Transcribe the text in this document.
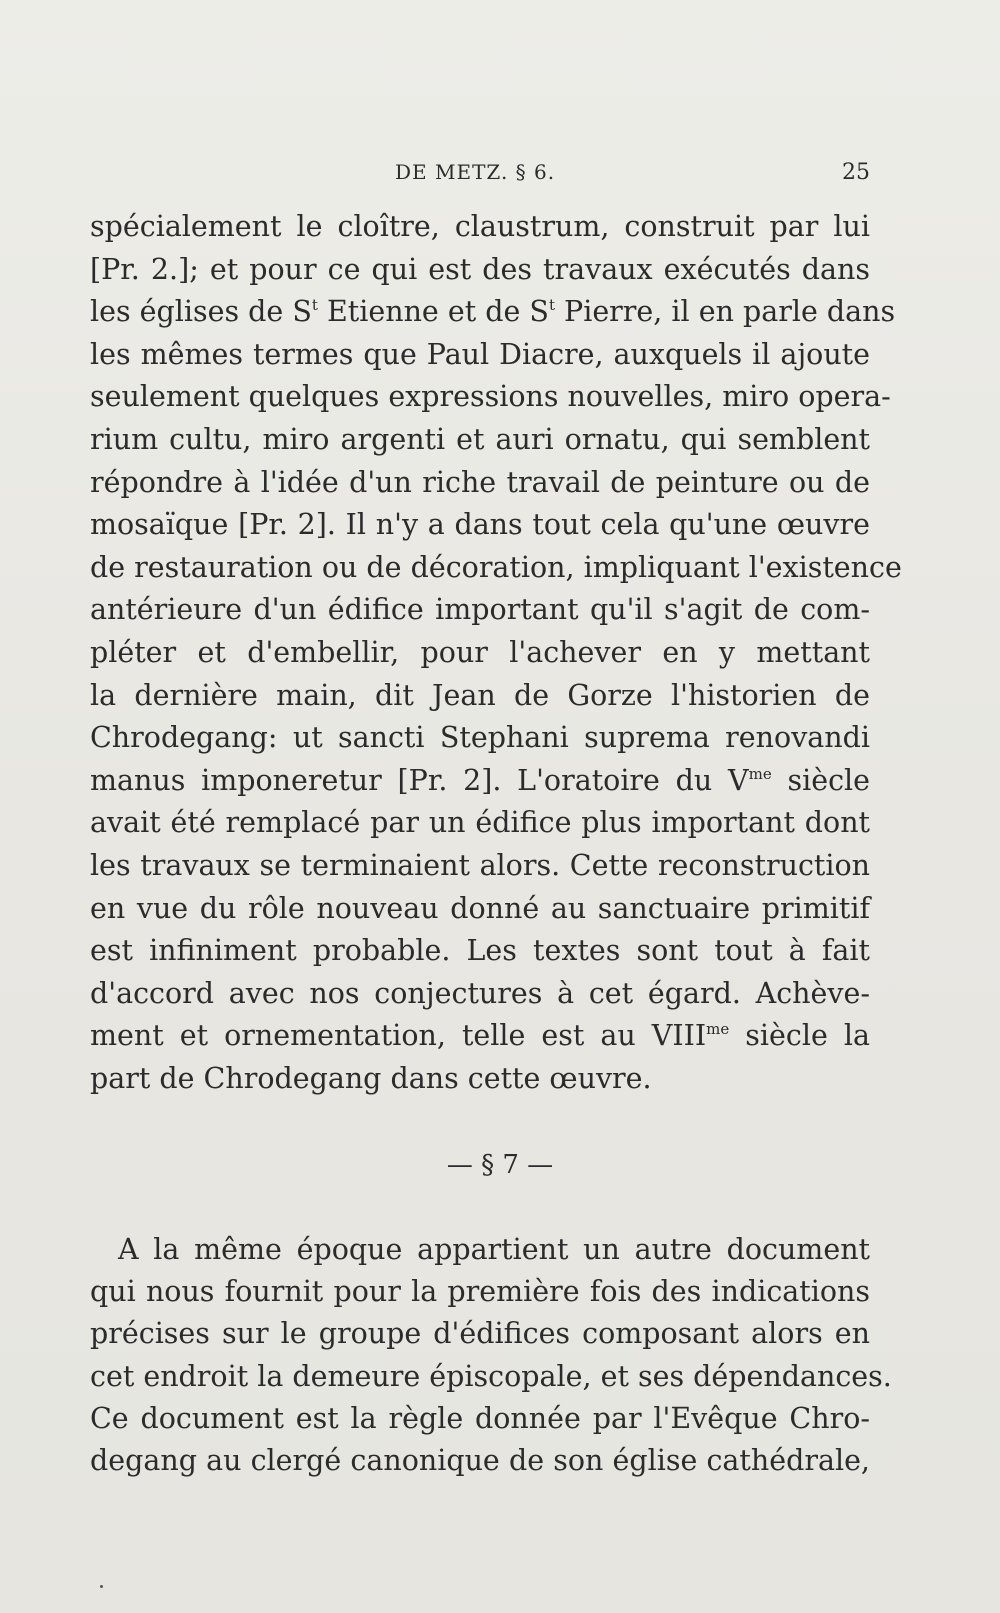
DE METZ. § 6.	25
spécialement le cloître, claustrum, construit par lui
[Pr. 2.]; et pour ce qui est des travaux exécutés dans
les églises de $S^t$ Etienne et de $S^t$ Pierre, il en parle dans
les mêmes termes que Paul Diacre, auxquels il ajoute
seulement quelques expressions nouvelles, miro opera-
rium cultu, miro argenti et auri ornatu, qui semblent
répondre à l'idée d'un riche travail de peinture ou de
mosaïque [Pr. 2]. Il n'y a dans tout cela qu'une œuvre
de restauration ou de décoration, impliquant l'existence
antérieure d'un édifice important qu'il s'agit de com-
pléter et d'embellir, pour l'achever en y mettant
la dernière main, dit Jean de Gorze l'historien de
Chrodegang: ut sancti Stephani suprema renovandi
manus imponeretur [Pr. 2]. L'oratoire du $V^{me}$ siècle
avait été remplacé par un édifice plus important dont
les travaux se terminaient alors. Cette reconstruction
en vue du rôle nouveau donné au sanctuaire primitif
est infiniment probable. Les textes sont tout à fait
d'accord avec nos conjectures à cet égard. Achève-
ment et ornementation, telle est au $VIII^{me}$ siècle la
part de Chrodegang dans cette œuvre.
— § 7 —
A la même époque appartient un autre document
qui nous fournit pour la première fois des indications
précises sur le groupe d'édifices composant alors en
cet endroit la demeure épiscopale, et ses dépendances.
Ce document est la règle donnée par l'Evêque Chro-
degang au clergé canonique de son église cathédrale,
